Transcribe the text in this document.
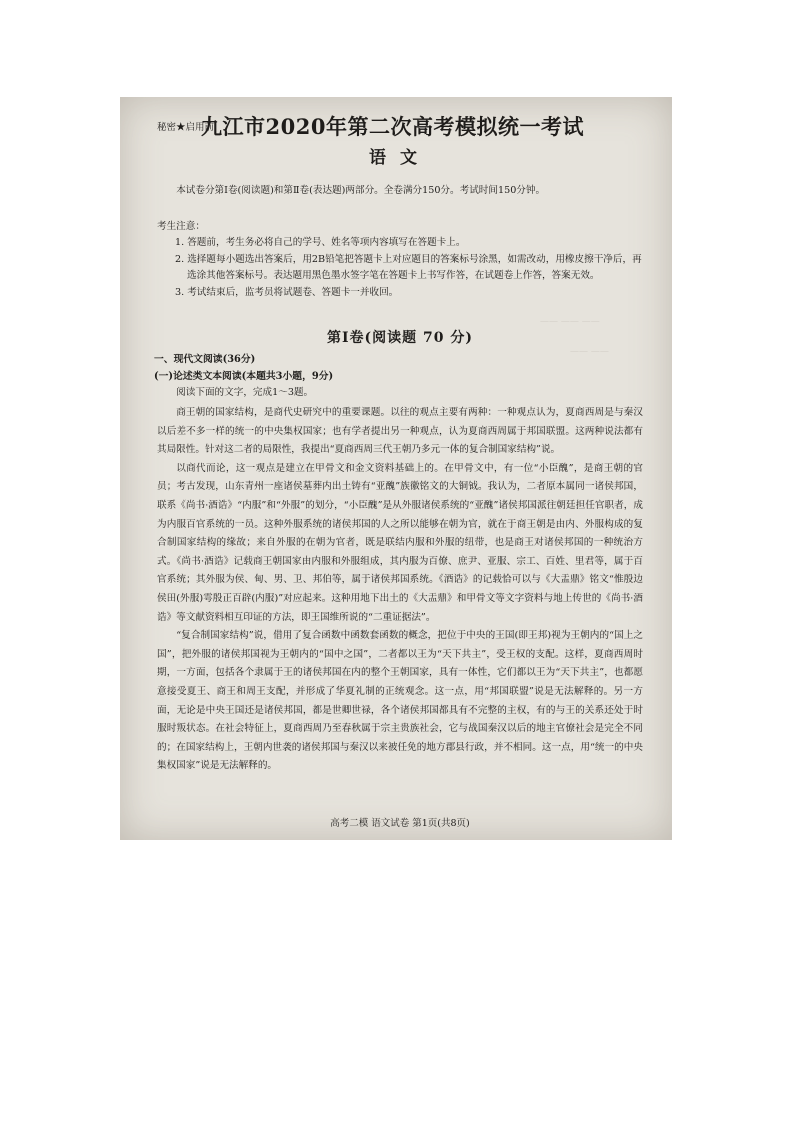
—— —— ——
—— ——
秘密★启用前
九江市2020年第二次高考模拟统一考试
语文
本试卷分第Ⅰ卷(阅读题)和第Ⅱ卷(表达题)两部分。全卷满分150分。考试时间150分钟。
考生注意：

1. 答题前，考生务必将自己的学号、姓名等项内容填写在答题卡上。

2. 选择题每小题选出答案后，用2B铅笔把答题卡上对应题目的答案标号涂黑，如需改动，用橡皮擦干净后，再选涂其他答案标号。表达题用黑色墨水签字笔在答题卡上书写作答，在试题卷上作答，答案无效。

3. 考试结束后，监考员将试题卷、答题卡一并收回。

第Ⅰ卷(阅读题 70 分)
一、现代文阅读(36分)
(一)论述类文本阅读(本题共3小题，9分)
阅读下面的文字，完成1～3题。

商王朝的国家结构，是商代史研究中的重要课题。以往的观点主要有两种：一种观点认为，夏商西周是与秦汉以后差不多一样的统一的中央集权国家；也有学者提出另一种观点，认为夏商西周属于邦国联盟。这两种说法都有其局限性。针对这二者的局限性，我提出“夏商西周三代王朝乃多元一体的复合制国家结构”说。

以商代而论，这一观点是建立在甲骨文和金文资料基础上的。在甲骨文中，有一位“小臣醜”，是商王朝的官员；考古发现，山东青州一座诸侯墓葬内出土铸有“亚醜”族徽铭文的大铜钺。我认为，二者原本属同一诸侯邦国，联系《尚书·酒诰》“内服”和“外服”的划分，“小臣醜”是从外服诸侯系统的“亚醜”诸侯邦国派往朝廷担任官职者，成为内服百官系统的一员。这种外服系统的诸侯邦国的人之所以能够在朝为官，就在于商王朝是由内、外服构成的复合制国家结构的缘故；来自外服的在朝为官者，既是联结内服和外服的纽带，也是商王对诸侯邦国的一种统治方式。《尚书·酒诰》记载商王朝国家由内服和外服组成，其内服为百僚、庶尹、亚服、宗工、百姓、里君等，属于百官系统；其外服为侯、甸、男、卫、邦伯等，属于诸侯邦国系统。《酒诰》的记载恰可以与《大盂鼎》铭文“惟殷边侯田(外服)雩殷正百辟(内服)”对应起来。这种用地下出土的《大盂鼎》和甲骨文等文字资料与地上传世的《尚书·酒诰》等文献资料相互印证的方法，即王国维所说的“二重证据法”。

“复合制国家结构”说，借用了复合函数中函数套函数的概念，把位于中央的王国(即王邦)视为王朝内的“国上之国”，把外服的诸侯邦国视为王朝内的“国中之国”，二者都以王为“天下共主”，受王权的支配。这样，夏商西周时期，一方面，包括各个隶属于王的诸侯邦国在内的整个王朝国家，具有一体性，它们都以王为“天下共主”，也都愿意接受夏王、商王和周王支配，并形成了华夏礼制的正统观念。这一点，用“邦国联盟”说是无法解释的。另一方面，无论是中央王国还是诸侯邦国，都是世卿世禄，各个诸侯邦国都具有不完整的主权，有的与王的关系还处于时服时叛状态。在社会特征上，夏商西周乃至春秋属于宗主贵族社会，它与战国秦汉以后的地主官僚社会是完全不同的；在国家结构上，王朝内世袭的诸侯邦国与秦汉以来被任免的地方郡县行政，并不相同。这一点，用“统一的中央集权国家”说是无法解释的。

高考二模 语文试卷 第1页(共8页)
